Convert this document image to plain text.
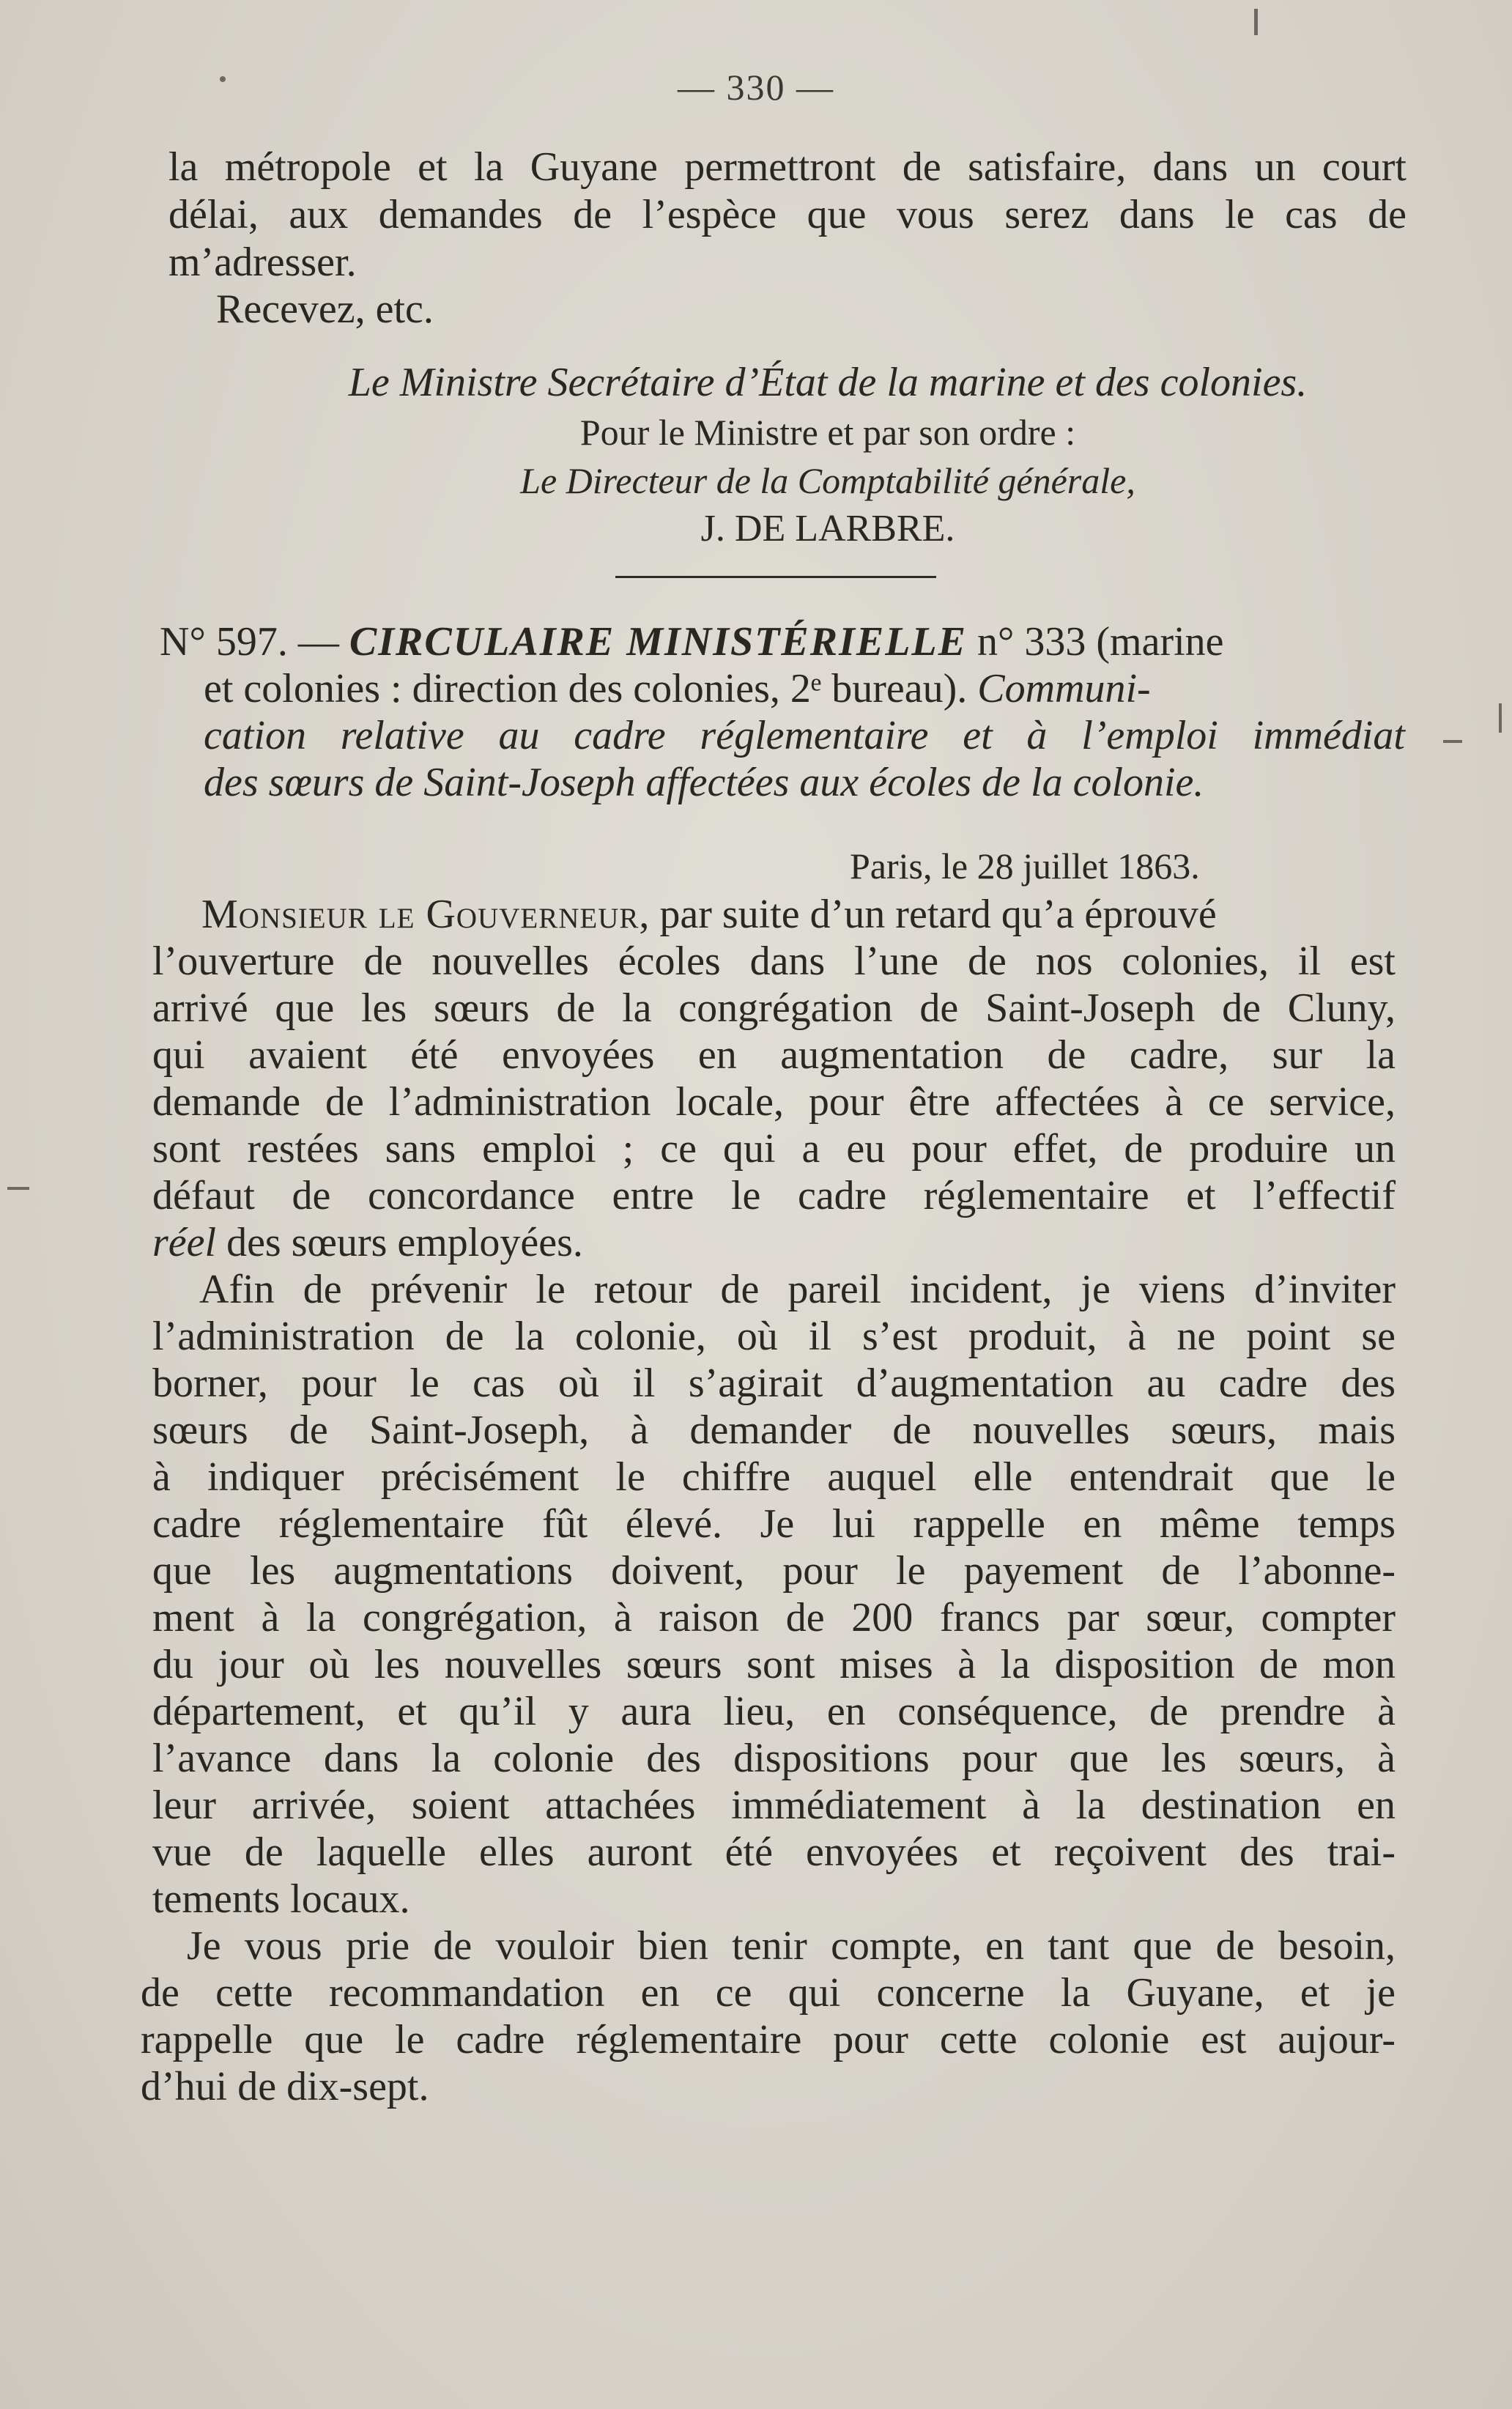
— 330 —
la métropole et la Guyane permettront de satisfaire, dans un court
délai, aux demandes de l’espèce que vous serez dans le cas de
m’adresser.
Recevez, etc.
Le Ministre Secrétaire d’État de la marine et des colonies.
Pour le Ministre et par son ordre :
Le Directeur de la Comptabilité générale,
J. DE LARBRE.
N° 597. — CIRCULAIRE MINISTÉRIELLE n° 333 (marine
et colonies : direction des colonies, 2ᵉ bureau). Communi-
cation relative au cadre réglementaire et à l’emploi immédiat
des sœurs de Saint-Joseph affectées aux écoles de la colonie.
Paris, le 28 juillet 1863.
Monsieur le Gouverneur, par suite d’un retard qu’a éprouvé
l’ouverture de nouvelles écoles dans l’une de nos colonies, il est
arrivé que les sœurs de la congrégation de Saint-Joseph de Cluny,
qui avaient été envoyées en augmentation de cadre, sur la
demande de l’administration locale, pour être affectées à ce service,
sont restées sans emploi ; ce qui a eu pour effet, de produire un
défaut de concordance entre le cadre réglementaire et l’effectif
réel des sœurs employées.
Afin de prévenir le retour de pareil incident, je viens d’inviter
l’administration de la colonie, où il s’est produit, à ne point se
borner, pour le cas où il s’agirait d’augmentation au cadre des
sœurs de Saint-Joseph, à demander de nouvelles sœurs, mais
à indiquer précisément le chiffre auquel elle entendrait que le
cadre réglementaire fût élevé. Je lui rappelle en même temps
que les augmentations doivent, pour le payement de l’abonne-
ment à la congrégation, à raison de 200 francs par sœur, compter
du jour où les nouvelles sœurs sont mises à la disposition de mon
département, et qu’il y aura lieu, en conséquence, de prendre à
l’avance dans la colonie des dispositions pour que les sœurs, à
leur arrivée, soient attachées immédiatement à la destination en
vue de laquelle elles auront été envoyées et reçoivent des trai-
tements locaux.
Je vous prie de vouloir bien tenir compte, en tant que de besoin,
de cette recommandation en ce qui concerne la Guyane, et je
rappelle que le cadre réglementaire pour cette colonie est aujour-
d’hui de dix-sept.
